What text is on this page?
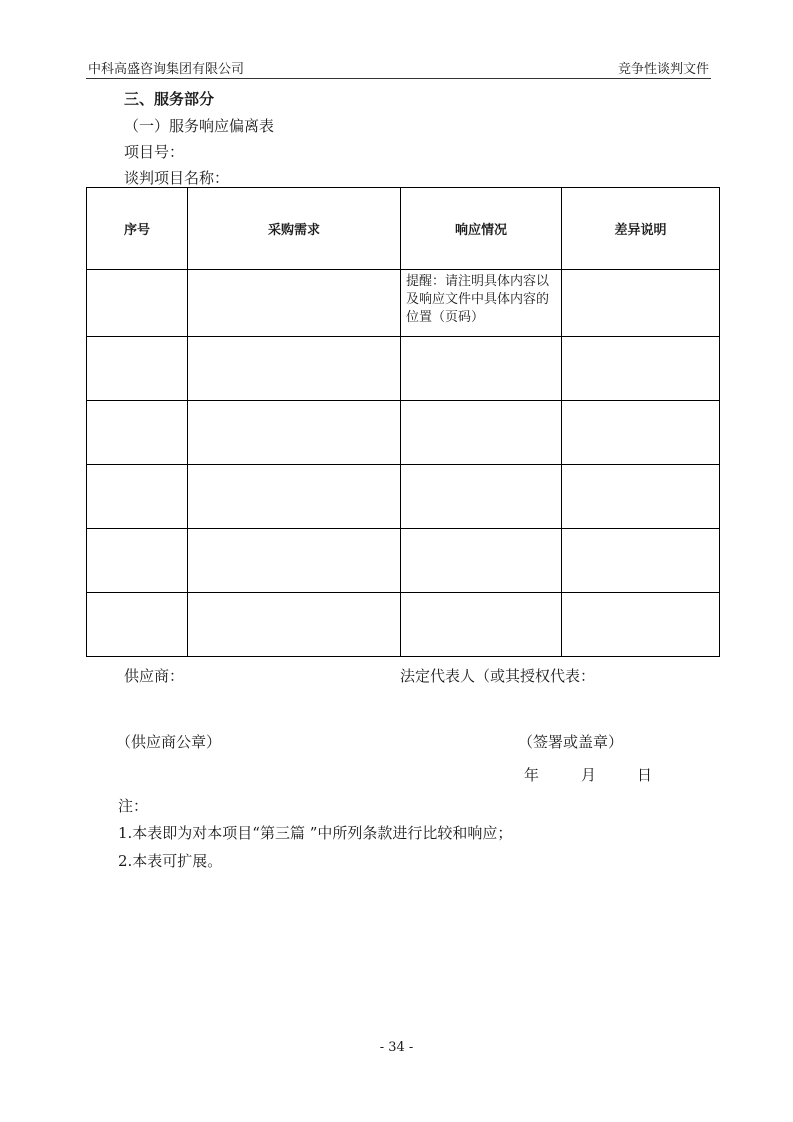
中科高盛咨询集团有限公司	竞争性谈判文件
三、服务部分
（一）服务响应偏离表
项目号：
谈判项目名称：
序号	采购需求	响应情况	差异说明
		提醒：请注明具体内容以及响应文件中具体内容的位置（页码）	

供应商：	法定代表人（或其授权代表：
（供应商公章）	（签署或盖章）
年	月	日
注：
1.本表即为对本项目“第三篇 ”中所列条款进行比较和响应；
2.本表可扩展。
- 34 -
